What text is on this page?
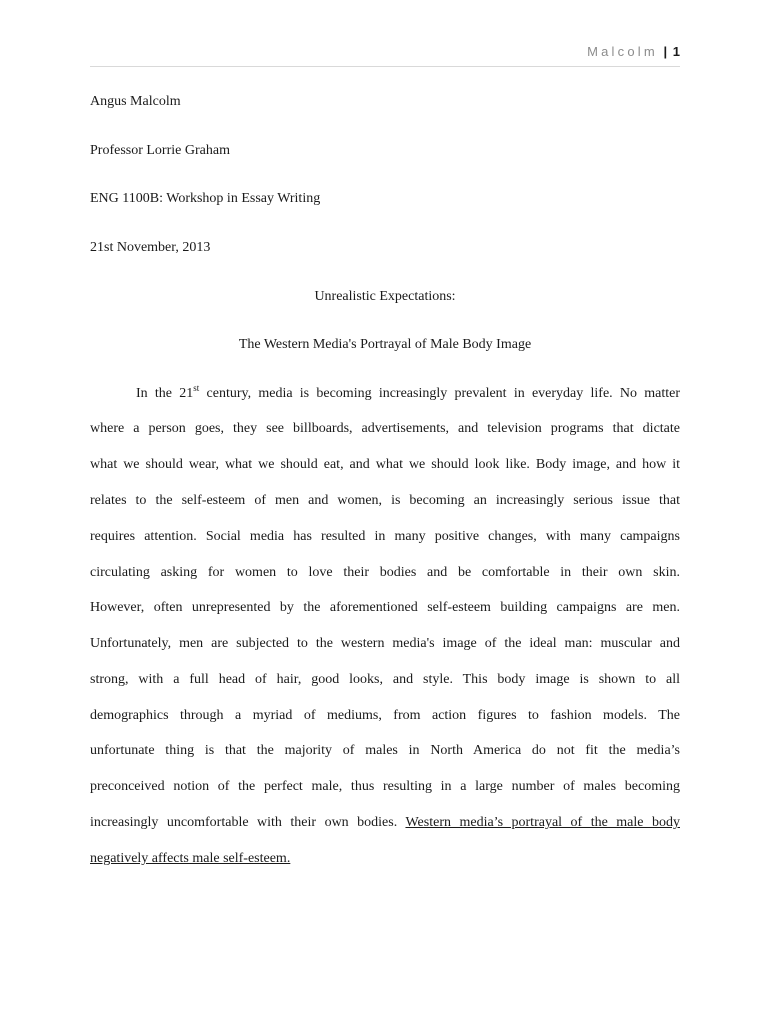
Malcolm | 1
Angus Malcolm
Professor Lorrie Graham
ENG 1100B: Workshop in Essay Writing
21st November, 2013
Unrealistic Expectations:
The Western Media's Portrayal of Male Body Image
In the 21st century, media is becoming increasingly prevalent in everyday life. No matter
where a person goes, they see billboards, advertisements, and television programs that dictate
what we should wear, what we should eat, and what we should look like. Body image, and how it
relates to the self-esteem of men and women, is becoming an increasingly serious issue that
requires attention. Social media has resulted in many positive changes, with many campaigns
circulating asking for women to love their bodies and be comfortable in their own skin.
However, often unrepresented by the aforementioned self-esteem building campaigns are men.
Unfortunately, men are subjected to the western media's image of the ideal man: muscular and
strong, with a full head of hair, good looks, and style. This body image is shown to all
demographics through a myriad of mediums, from action figures to fashion models. The
unfortunate thing is that the majority of males in North America do not fit the media’s
preconceived notion of the perfect male, thus resulting in a large number of males becoming
increasingly uncomfortable with their own bodies. Western media’s portrayal of the male body
negatively affects male self-esteem.
